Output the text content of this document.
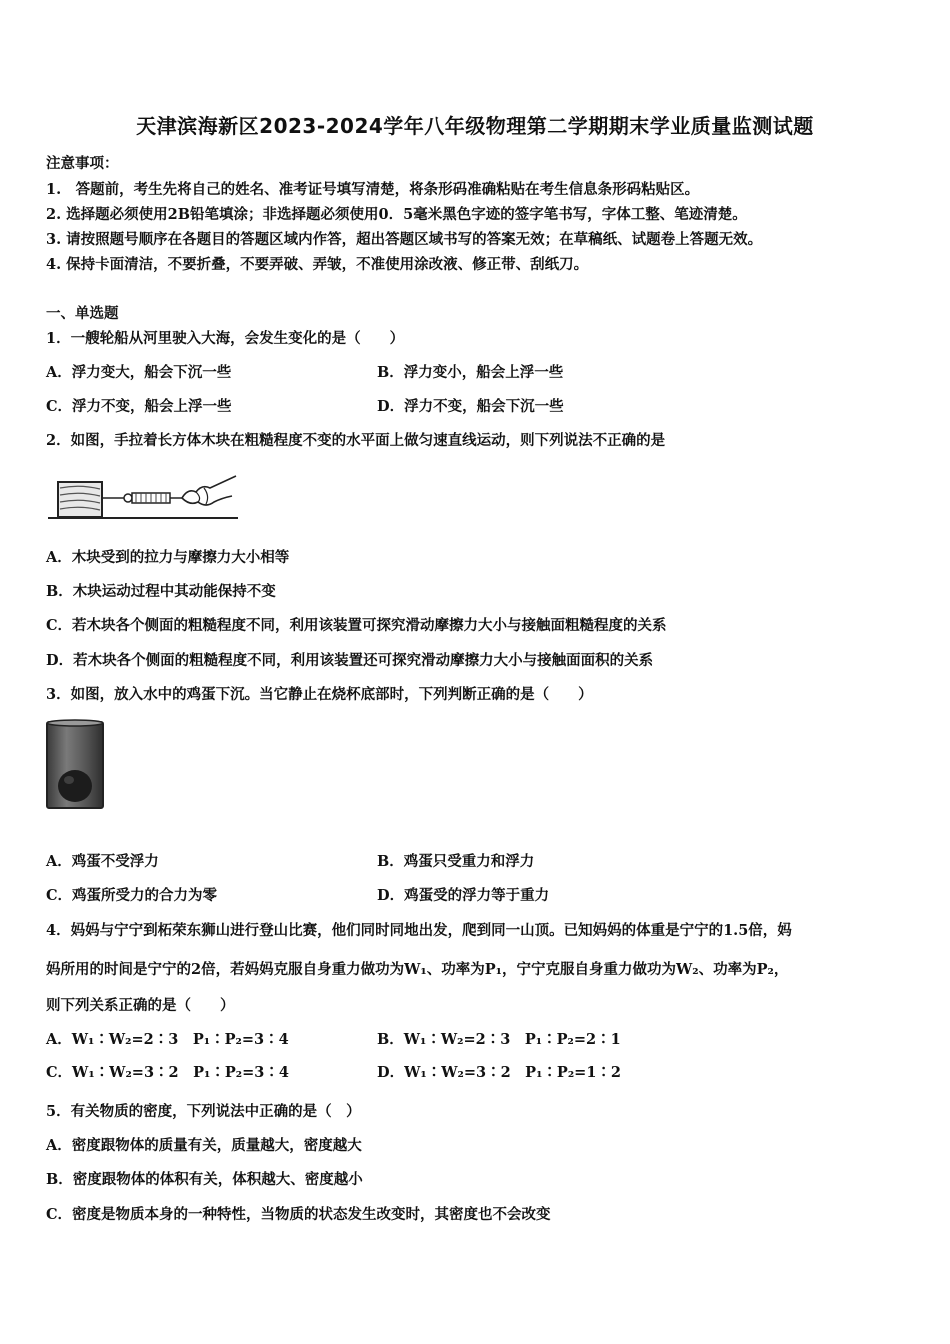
天津滨海新区2023-2024学年八年级物理第二学期期末学业质量监测试题
注意事项：
1.　答题前，考生先将自己的姓名、准考证号填写清楚，将条形码准确粘贴在考生信息条形码粘贴区。
2. 选择题必须使用2B铅笔填涂；非选择题必须使用0．5毫米黑色字迹的签字笔书写，字体工整、笔迹清楚。
3. 请按照题号顺序在各题目的答题区域内作答，超出答题区域书写的答案无效；在草稿纸、试题卷上答题无效。
4. 保持卡面清洁，不要折叠，不要弄破、弄皱，不准使用涂改液、修正带、刮纸刀。
一、单选题
1．一艘轮船从河里驶入大海，会发生变化的是（　　）
A．浮力变大，船会下沉一些	B．浮力变小，船会上浮一些
C．浮力不变，船会上浮一些	D．浮力不变，船会下沉一些
2．如图，手拉着长方体木块在粗糙程度不变的水平面上做匀速直线运动，则下列说法不正确的是
A．木块受到的拉力与摩擦力大小相等
B．木块运动过程中其动能保持不变
C．若木块各个侧面的粗糙程度不同，利用该装置可探究滑动摩擦力大小与接触面粗糙程度的关系
D．若木块各个侧面的粗糙程度不同，利用该装置还可探究滑动摩擦力大小与接触面面积的关系
3．如图，放入水中的鸡蛋下沉。当它静止在烧杯底部时，下列判断正确的是（　　）
A．鸡蛋不受浮力	B．鸡蛋只受重力和浮力
C．鸡蛋所受力的合力为零	D．鸡蛋受的浮力等于重力
4．妈妈与宁宁到柘荣东狮山进行登山比赛，他们同时同地出发，爬到同一山顶。已知妈妈的体重是宁宁的1.5倍，妈
妈所用的时间是宁宁的2倍，若妈妈克服自身重力做功为W₁、功率为P₁，宁宁克服自身重力做功为W₂、功率为P₂，
则下列关系正确的是（　　）
A．W₁∶W₂=2∶3　P₁∶P₂=3∶4	B．W₁∶W₂=2∶3　P₁∶P₂=2∶1
C．W₁∶W₂=3∶2　P₁∶P₂=3∶4	D．W₁∶W₂=3∶2　P₁∶P₂=1∶2
5．有关物质的密度，下列说法中正确的是（　）
A．密度跟物体的质量有关，质量越大，密度越大
B．密度跟物体的体积有关，体积越大、密度越小
C．密度是物质本身的一种特性，当物质的状态发生改变时，其密度也不会改变
